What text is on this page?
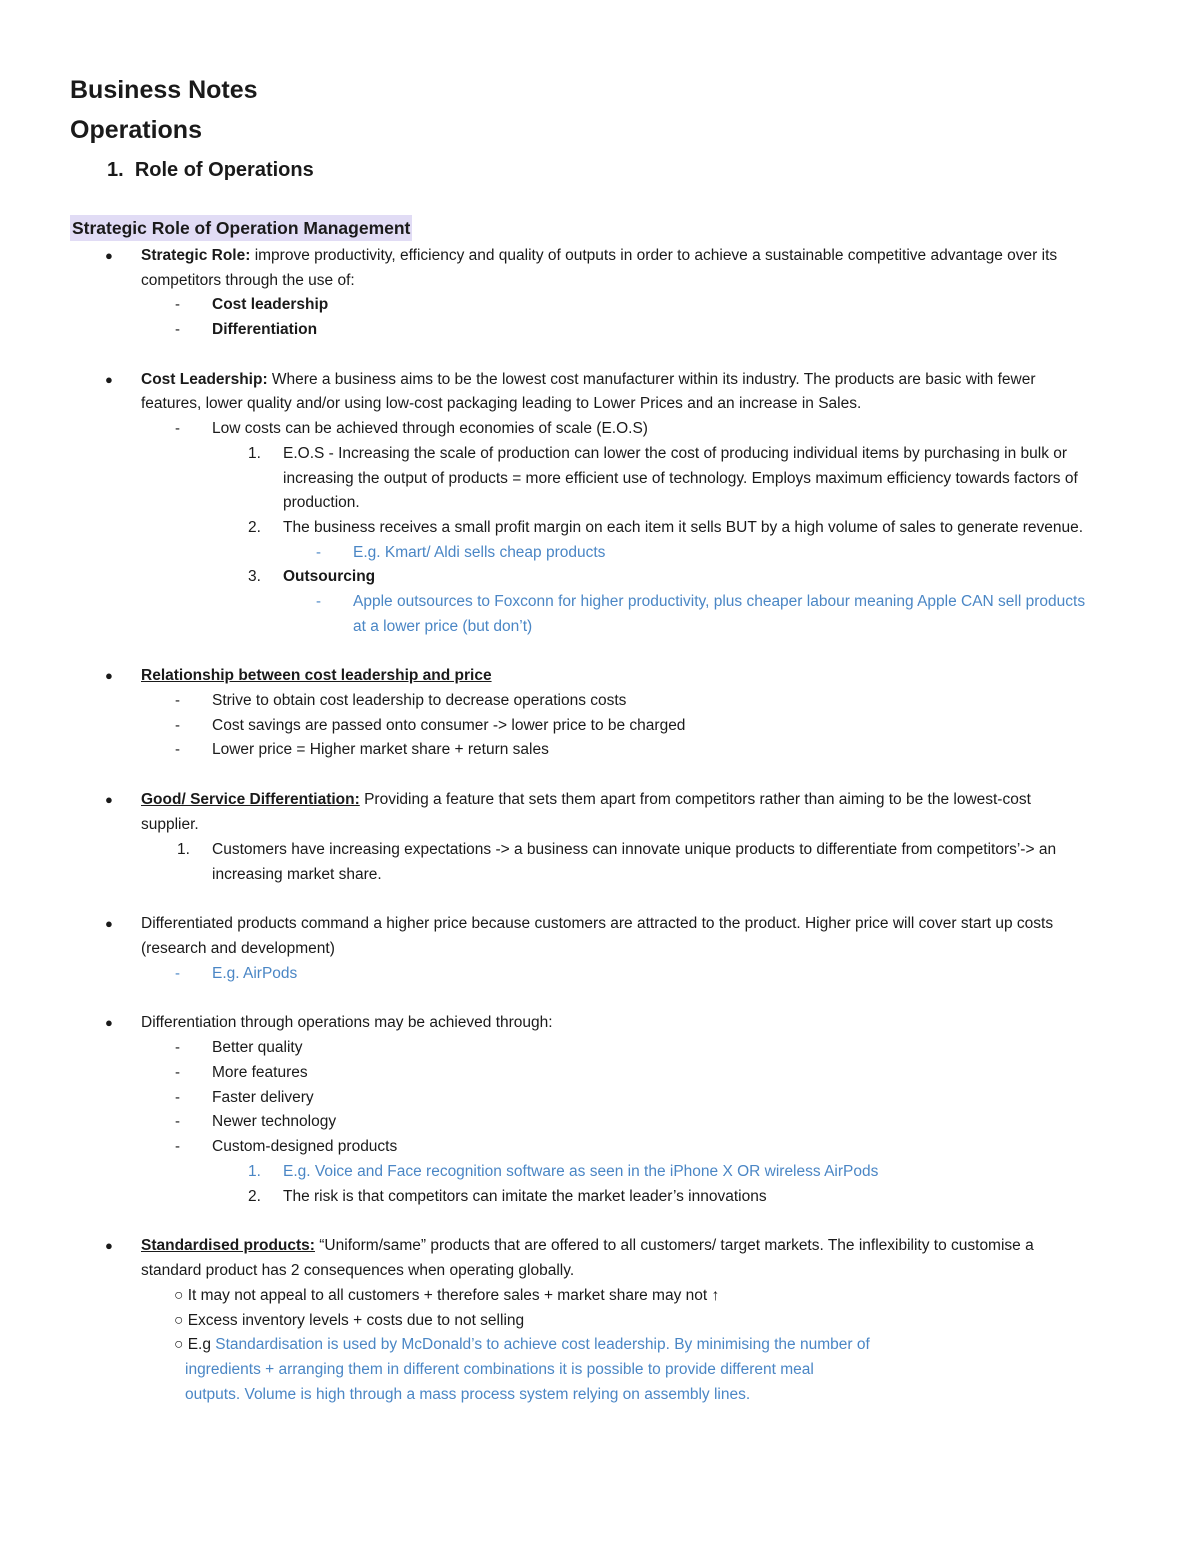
Business Notes
Operations
1. Role of Operations
Strategic Role of Operation Management
● Strategic Role: improve productivity, efficiency and quality of outputs in order to achieve a sustainable competitive advantage over its
competitors through the use of:
- Cost leadership
- Differentiation
● Cost Leadership: Where a business aims to be the lowest cost manufacturer within its industry. The products are basic with fewer
features, lower quality and/or using low-cost packaging leading to Lower Prices and an increase in Sales.
- Low costs can be achieved through economies of scale (E.O.S)
1. E.O.S - Increasing the scale of production can lower the cost of producing individual items by purchasing in bulk or
increasing the output of products = more efficient use of technology. Employs maximum efficiency towards factors of
production.
2. The business receives a small profit margin on each item it sells BUT by a high volume of sales to generate revenue.
- E.g. Kmart/ Aldi sells cheap products
3. Outsourcing
- Apple outsources to Foxconn for higher productivity, plus cheaper labour meaning Apple CAN sell products
at a lower price (but don’t)
● Relationship between cost leadership and price
- Strive to obtain cost leadership to decrease operations costs
- Cost savings are passed onto consumer -> lower price to be charged
- Lower price = Higher market share + return sales
● Good/ Service Differentiation: Providing a feature that sets them apart from competitors rather than aiming to be the lowest-cost
supplier.
1. Customers have increasing expectations -> a business can innovate unique products to differentiate from competitors’-> an
increasing market share.
● Differentiated products command a higher price because customers are attracted to the product. Higher price will cover start up costs
(research and development)
- E.g. AirPods
● Differentiation through operations may be achieved through:
- Better quality
- More features
- Faster delivery
- Newer technology
- Custom-designed products
1. E.g. Voice and Face recognition software as seen in the iPhone X OR wireless AirPods
2. The risk is that competitors can imitate the market leader’s innovations
● Standardised products: “Uniform/same” products that are offered to all customers/ target markets. The inflexibility to customise a
standard product has 2 consequences when operating globally.
○ It may not appeal to all customers + therefore sales + market share may not ↑
○ Excess inventory levels + costs due to not selling
○ E.g Standardisation is used by McDonald’s to achieve cost leadership. By minimising the number of
ingredients + arranging them in different combinations it is possible to provide different meal
outputs. Volume is high through a mass process system relying on assembly lines.
